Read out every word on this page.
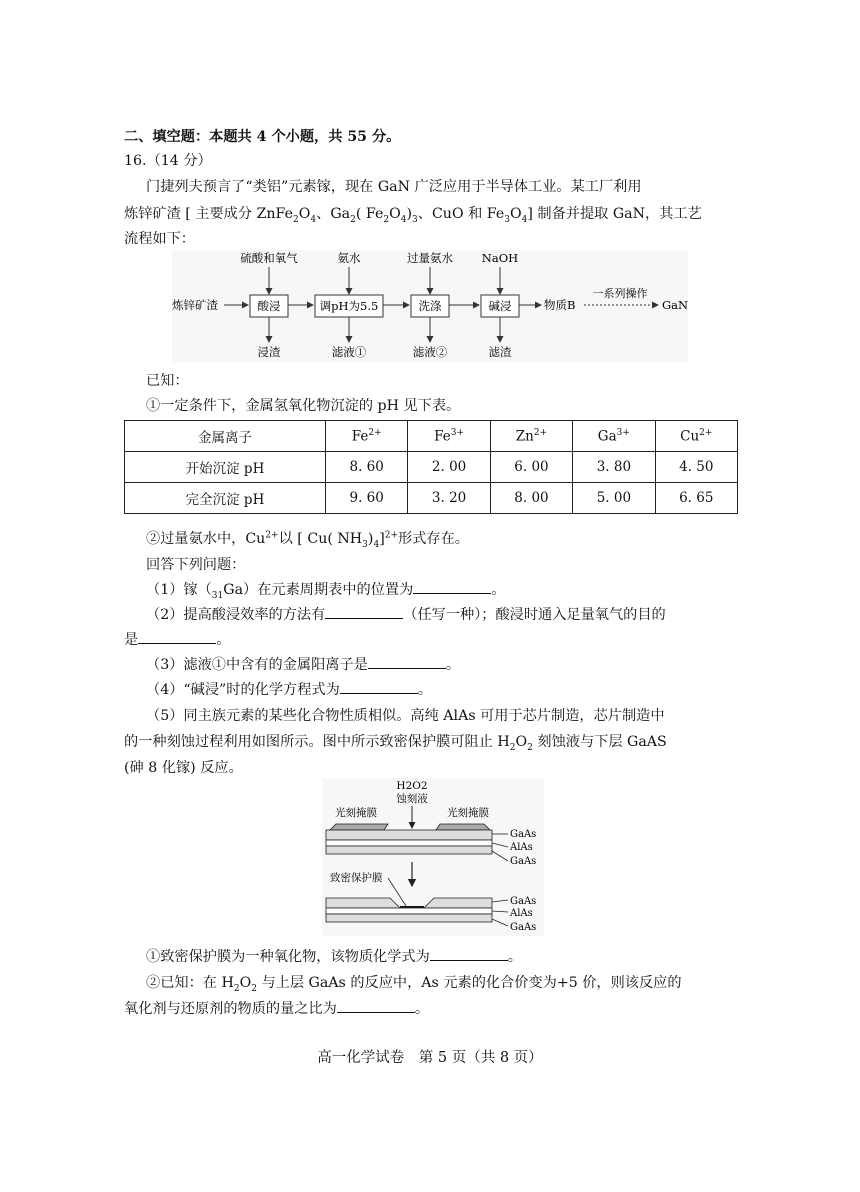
二、填空题：本题共 4 个小题，共 55 分。
16.（14 分）
门捷列夫预言了“类铝”元素镓，现在 GaN 广泛应用于半导体工业。某工厂利用
炼锌矿渣 [ 主要成分 $ZnFe_2O_4$、$Ga_2$( $Fe_2O_4)_3$、CuO 和 $Fe_3O_4$] 制备并提取 GaN，其工艺
流程如下：
硫酸和氧气	氨水	过量氨水	NaOH
炼锌矿渣	酸浸	调pH为5.5	洗涤	碱浸	物质B
一系列操作
GaN
浸渣	滤液①	滤液②	滤渣
已知：
①一定条件下，金属氢氧化物沉淀的 pH 见下表。
金属离子	$Fe^{2+}$	$Fe^{3+}$	$Zn^{2+}$	$Ga^{3+}$	$Cu^{2+}$
开始沉淀 pH	8. 60	2. 00	6. 00	3. 80	4. 50
完全沉淀 pH	9. 60	3. 20	8. 00	5. 00	6. 65
②过量氨水中，$Cu^{2+}$以 [ Cu( $NH_3)_4]^{2+}$形式存在。
回答下列问题：
（1）镓$(_{31}Ga)$在元素周期表中的位置为	。
（2）提高酸浸效率的方法有	（任写一种）；酸浸时通入足量氧气的目的
是	。
（3）滤液①中含有的金属阳离子是	。
（4）“碱浸”时的化学方程式为	。
（5）同主族元素的某些化合物性质相似。高纯 AlAs 可用于芯片制造，芯片制造中
的一种刻蚀过程利用如图所示。图中所示致密保护膜可阻止 $H_2O_2$ 刻蚀液与下层 GaAS
(砷 8 化镓) 反应。
H2O2
蚀刻液
光刻掩膜	光刻掩膜
GaAs
AlAs
GaAs
致密保护膜
GaAs
AlAs
GaAs
①致密保护膜为一种氧化物，该物质化学式为	。
②已知：在 $H_2O_2$ 与上层 GaAs 的反应中，As 元素的化合价变为+5 价，则该反应的
氧化剂与还原剂的物质的量之比为	。
高一化学试卷　第 5 页（共 8 页）
